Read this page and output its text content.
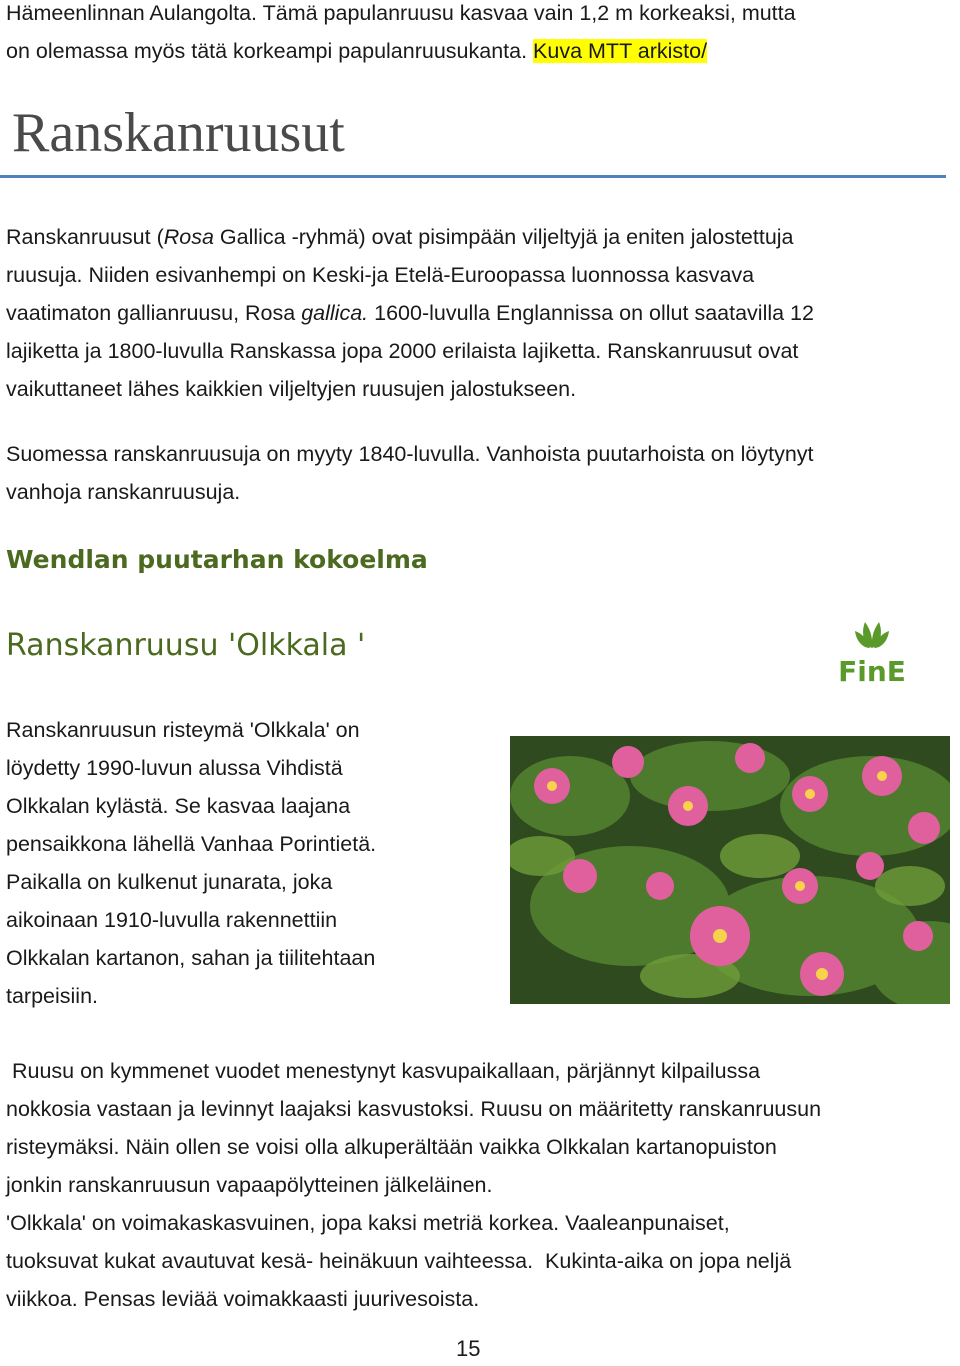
Hämeenlinnan Aulangolta. Tämä papulanruusu kasvaa vain 1,2 m korkeaksi, mutta
on olemassa myös tätä korkeampi papulanruusukanta. Kuva MTT arkisto/
Ranskanruusut
Ranskanruusut (Rosa Gallica -ryhmä) ovat pisimpään viljeltyjä ja eniten jalostettuja
ruusuja. Niiden esivanhempi on Keski-ja Etelä-Euroopassa luonnossa kasvava
vaatimaton gallianruusu, Rosa gallica. 1600-luvulla Englannissa on ollut saatavilla 12
lajiketta ja 1800-luvulla Ranskassa jopa 2000 erilaista lajiketta. Ranskanruusut ovat
vaikuttaneet lähes kaikkien viljeltyjen ruusujen jalostukseen.
Suomessa ranskanruusuja on myyty 1840-luvulla. Vanhoista puutarhoista on löytynyt
vanhoja ranskanruusuja.
Wendlan puutarhan kokoelma
Ranskanruusu 'Olkkala '
FinE
Ranskanruusun risteymä 'Olkkala' on
löydetty 1990-luvun alussa Vihdistä
Olkkalan kylästä. Se kasvaa laajana
pensaikkona lähellä Vanhaa Porintietä.
Paikalla on kulkenut junarata, joka
aikoinaan 1910-luvulla rakennettiin
Olkkalan kartanon, sahan ja tiilitehtaan
tarpeisiin.
Ruusu on kymmenet vuodet menestynyt kasvupaikallaan, pärjännyt kilpailussa
nokkosia vastaan ja levinnyt laajaksi kasvustoksi. Ruusu on määritetty ranskanruusun
risteymäksi. Näin ollen se voisi olla alkuperältään vaikka Olkkalan kartanopuiston
jonkin ranskanruusun vapaapölytteinen jälkeläinen.
'Olkkala' on voimakaskasvuinen, jopa kaksi metriä korkea. Vaaleanpunaiset,
tuoksuvat kukat avautuvat kesä- heinäkuun vaihteessa.  Kukinta-aika on jopa neljä
viikkoa. Pensas leviää voimakkaasti juurivesoista.
15
